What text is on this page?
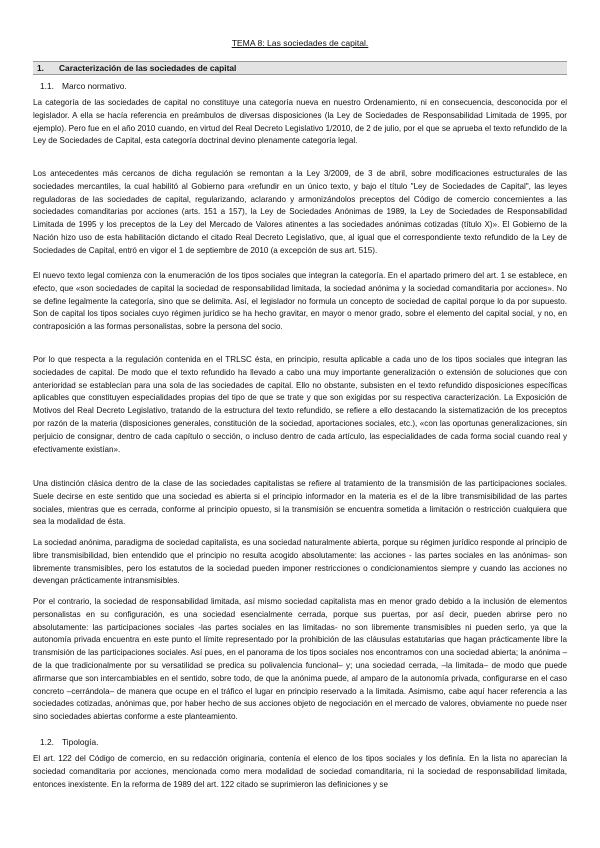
TEMA 8: Las sociedades de capital.

1. Caracterización de las sociedades de capital

1.1. Marco normativo.

La categoría de las sociedades de capital no constituye una categoría nueva en nuestro Ordenamiento, ni en consecuencia, desconocida por el legislador. A ella se hacía referencia en preámbulos de diversas disposiciones (la Ley de Sociedades de Responsabilidad Limitada de 1995, por ejemplo). Pero fue en el año 2010 cuando, en virtud del Real Decreto Legislativo 1/2010, de 2 de julio, por el que se aprueba el texto refundido de la Ley de Sociedades de Capital, esta categoría doctrinal devino plenamente categoría legal.

Los antecedentes más cercanos de dicha regulación se remontan a la Ley 3/2009, de 3 de abril, sobre modificaciones estructurales de las sociedades mercantiles, la cual habilitó al Gobierno para «refundir en un único texto, y bajo el título "Ley de Sociedades de Capital", las leyes reguladoras de las sociedades de capital, regularizando, aclarando y armonizándolos preceptos del Código de comercio concernientes a las sociedades comanditarias por acciones (arts. 151 a 157), la Ley de Sociedades Anónimas de 1989, la Ley de Sociedades de Responsabilidad Limitada de 1995 y los preceptos de la Ley del Mercado de Valores atinentes a las sociedades anónimas cotizadas (título X)». El Gobierno de la Nación hizo uso de esta habilitación dictando el citado Real Decreto Legislativo, que, al igual que el correspondiente texto refundido de la Ley de Sociedades de Capital, entró en vigor el 1 de septiembre de 2010 (a excepción de sus art. 515).

El nuevo texto legal comienza con la enumeración de los tipos sociales que integran la categoría. En el apartado primero del art. 1 se establece, en efecto, que «son sociedades de capital la sociedad de responsabilidad limitada, la sociedad anónima y la sociedad comanditaria por acciones». No se define legalmente la categoría, sino que se delimita. Así, el legislador no formula un concepto de sociedad de capital porque lo da por supuesto. Son de capital los tipos sociales cuyo régimen jurídico se ha hecho gravitar, en mayor o menor grado, sobre el elemento del capital social, y no, en contraposición a las formas personalistas, sobre la persona del socio.

Por lo que respecta a la regulación contenida en el TRLSC ésta, en principio, resulta aplicable a cada uno de los tipos sociales que integran las sociedades de capital. De modo que el texto refundido ha llevado a cabo una muy importante generalización o extensión de soluciones que con anterioridad se establecían para una sola de las sociedades de capital. Ello no obstante, subsisten en el texto refundido disposiciones específicas aplicables que constituyen especialidades propias del tipo de que se trate y que son exigidas por su respectiva caracterización. La Exposición de Motivos del Real Decreto Legislativo, tratando de la estructura del texto refundido, se refiere a ello destacando la sistematización de los preceptos por razón de la materia (disposiciones generales, constitución de la sociedad, aportaciones sociales, etc.), «con las oportunas generalizaciones, sin perjuicio de consignar, dentro de cada capítulo o sección, o incluso dentro de cada artículo, las especialidades de cada forma social cuando real y efectivamente existían».

Una distinción clásica dentro de la clase de las sociedades capitalistas se refiere al tratamiento de la transmisión de las participaciones sociales. Suele decirse en este sentido que una sociedad es abierta si el principio informador en la materia es el de la libre transmisibilidad de las partes sociales, mientras que es cerrada, conforme al principio opuesto, si la transmisión se encuentra sometida a limitación o restricción cualquiera que sea la modalidad de ésta.

La sociedad anónima, paradigma de sociedad capitalista, es una sociedad naturalmente abierta, porque su régimen jurídico responde al principio de libre transmisibilidad, bien entendido que el principio no resulta acogido absolutamente: las acciones - las partes sociales en las anónimas- son libremente transmisibles, pero los estatutos de la sociedad pueden imponer restricciones o condicionamientos siempre y cuando las acciones no devengan prácticamente intransmisibles.

Por el contrario, la sociedad de responsabilidad limitada, así mismo sociedad capitalista mas en menor grado debido a la inclusión de elementos personalistas en su configuración, es una sociedad esencialmente cerrada, porque sus puertas, por así decir, pueden abrirse pero no absolutamente: las participaciones sociales -las partes sociales en las limitadas- no son libremente transmisibles ni pueden serlo, ya que la autonomía privada encuentra en este punto el límite representado por la prohibición de las cláusulas estatutarias que hagan prácticamente libre la transmisión de las participaciones sociales. Así pues, en el panorama de los tipos sociales nos encontramos con una sociedad abierta; la anónima –de la que tradicionalmente por su versatilidad se predica su polivalencia funcional– y; una sociedad cerrada, –la limitada– de modo que puede afirmarse que son intercambiables en el sentido, sobre todo, de que la anónima puede, al amparo de la autonomía privada, configurarse en el caso concreto –cerrándola– de manera que ocupe en el tráfico el lugar en principio reservado a la limitada. Asimismo, cabe aquí hacer referencia a las sociedades cotizadas, anónimas que, por haber hecho de sus acciones objeto de negociación en el mercado de valores, obviamente no puede nser sino sociedades abiertas conforme a este planteamiento.

1.2. Tipología.

El art. 122 del Código de comercio, en su redacción originaria, contenía el elenco de los tipos sociales y los definía. En la lista no aparecían la sociedad comanditaria por acciones, mencionada como mera modalidad de sociedad comanditaria, ni la sociedad de responsabilidad limitada, entonces inexistente. En la reforma de 1989 del art. 122 citado se suprimieron las definiciones y se
